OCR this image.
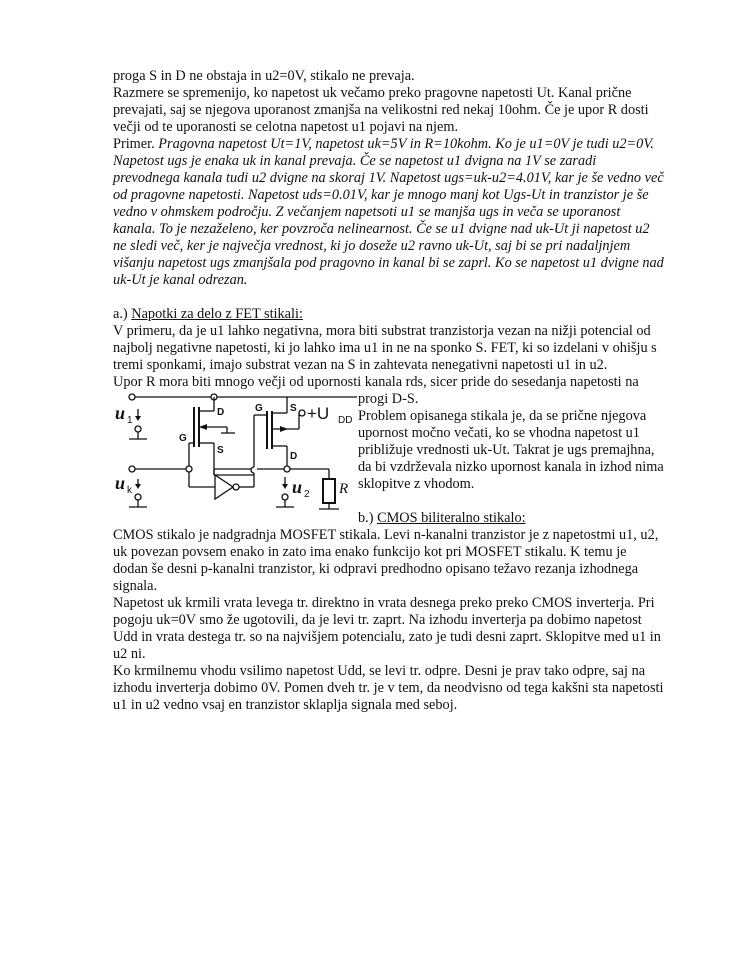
proga S in D ne obstaja in u2=0V, stikalo ne prevaja.

Razmere se spremenijo, ko napetost uk večamo preko pragovne napetosti Ut. Kanal prične

prevajati, saj se njegova uporanost zmanjša na velikostni red nekaj 10ohm. Če je upor R dosti

večji od te uporanosti se celotna napetost u1 pojavi na njem.

Primer. Pragovna napetost Ut=1V, napetost uk=5V in R=10kohm. Ko je u1=0V je tudi u2=0V.

Napetost ugs je enaka uk in kanal prevaja. Če se napetost u1 dvigna na 1V se zaradi

prevodnega kanala tudi u2 dvigne na skoraj 1V. Napetost ugs=uk-u2=4.01V, kar je še vedno več

od pragovne napetosti. Napetost uds=0.01V, kar je mnogo manj kot Ugs-Ut in tranzistor je še

vedno v ohmskem področju. Z večanjem napetsoti u1 se manjša ugs in veča se uporanost

kanala. To je nezaželeno, ker povzroča nelinearnost. Če se u1 dvigne nad uk-Ut ji napetost u2

ne sledi več, ker je največja vrednost, ki jo doseže u2 ravno uk-Ut, saj bi se pri nadaljnjem

višanju napetost ugs zmanjšala pod pragovno in kanal bi se zaprl. Ko se napetost u1 dvigne nad

uk-Ut je kanal odrezan.

a.) Napotki za delo z FET stikali:

V primeru, da je u1 lahko negativna, mora biti substrat tranzistorja vezan na nižji potencial od

najbolj negativne napetosti, ki jo lahko ima u1 in ne na sponko S. FET, ki so izdelani v ohišju s

tremi sponkami, imajo substrat vezan na S in zahtevata nenegativni napetosti u1 in u2.

Upor R mora biti mnogo večji od upornosti kanala rds, sicer pride do sesedanja napetosti na

u 1
D
S
G
u k
G	S
D
+U DD
R
u 2

progi D-S.

Problem opisanega stikala je, da se prične njegova

upornost močno večati, ko se vhodna napetost u1

približuje vrednosti uk-Ut. Takrat je ugs premajhna,

da bi vzdrževala nizko upornost kanala in izhod nima

sklopitve z vhodom.

b.) CMOS biliteralno stikalo:

CMOS stikalo je nadgradnja MOSFET stikala. Levi n-kanalni tranzistor je z napetostmi u1, u2,

uk povezan povsem enako in zato ima enako funkcijo kot pri MOSFET stikalu. K temu je

dodan še desni p-kanalni tranzistor, ki odpravi predhodno opisano težavo rezanja izhodnega

signala.

Napetost uk krmili vrata levega tr. direktno in vrata desnega preko preko CMOS inverterja. Pri

pogoju uk=0V smo že ugotovili, da je levi tr. zaprt. Na izhodu inverterja pa dobimo napetost

Udd in vrata destega tr. so na najvišjem potencialu, zato je tudi desni zaprt. Sklopitve med u1 in

u2 ni.

Ko krmilnemu vhodu vsilimo napetost Udd, se levi tr. odpre. Desni je prav tako odpre, saj na

izhodu inverterja dobimo 0V. Pomen dveh tr. je v tem, da neodvisno od tega kakšni sta napetosti

u1 in u2 vedno vsaj en tranzistor sklaplja signala med seboj.
